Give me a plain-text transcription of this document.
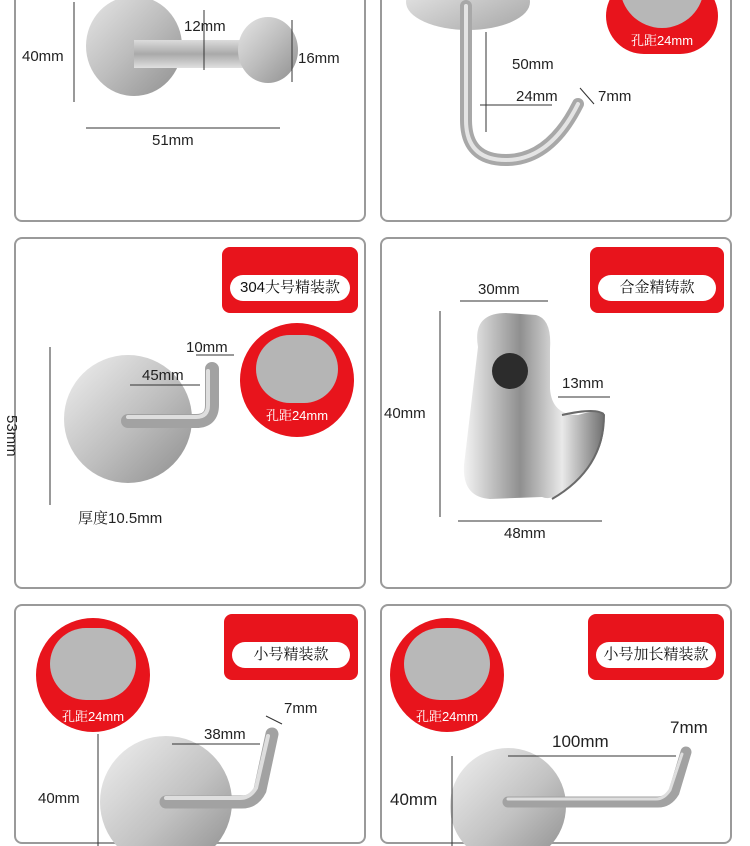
40mm
12mm
16mm
51mm
孔距24mm
50mm
24mm	7mm
304大号精装款
孔距24mm
10mm
45mm
53mm
厚度10.5mm
合金精铸款
30mm
13mm
40mm
48mm
小号精装款
孔距24mm	7mm
38mm
40mm
小号加长精装款
孔距24mm
7mm
100mm
40mm
